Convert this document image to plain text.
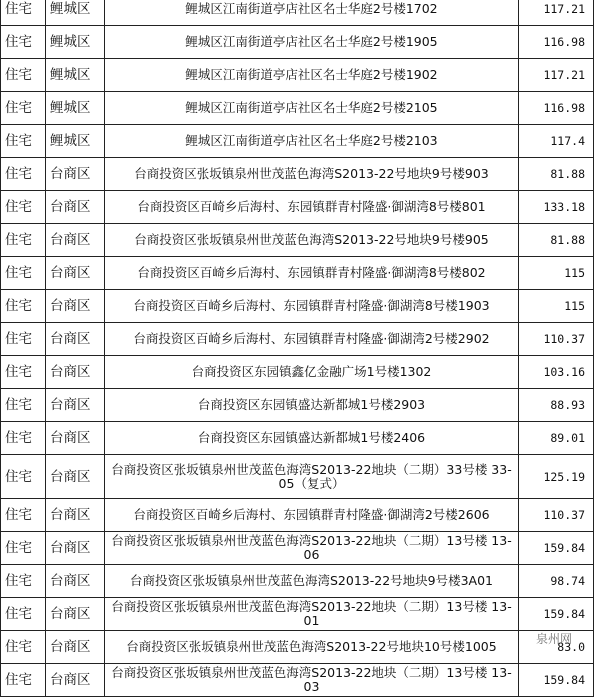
住宅	鲤城区	鲤城区江南街道亭店社区名士华庭2号楼1702	117.21
住宅	鲤城区	鲤城区江南街道亭店社区名士华庭2号楼1905	116.98
住宅	鲤城区	鲤城区江南街道亭店社区名士华庭2号楼1902	117.21
住宅	鲤城区	鲤城区江南街道亭店社区名士华庭2号楼2105	116.98
住宅	鲤城区	鲤城区江南街道亭店社区名士华庭2号楼2103	117.4
住宅	台商区	台商投资区张坂镇泉州世茂蓝色海湾S2013-22号地块9号楼903	81.88
住宅	台商区	台商投资区百崎乡后海村、东园镇群青村隆盛·御湖湾8号楼801	133.18
住宅	台商区	台商投资区张坂镇泉州世茂蓝色海湾S2013-22号地块9号楼905	81.88
住宅	台商区	台商投资区百崎乡后海村、东园镇群青村隆盛·御湖湾8号楼802	115
住宅	台商区	台商投资区百崎乡后海村、东园镇群青村隆盛·御湖湾8号楼1903	115
住宅	台商区	台商投资区百崎乡后海村、东园镇群青村隆盛·御湖湾2号楼2902	110.37
住宅	台商区	台商投资区东园镇鑫亿金融广场1号楼1302	103.16
住宅	台商区	台商投资区东园镇盛达新都城1号楼2903	88.93
住宅	台商区	台商投资区东园镇盛达新都城1号楼2406	89.01
住宅	台商区	台商投资区张坂镇泉州世茂蓝色海湾S2013-22地块（二期）33号楼 33-05（复式）	125.19
住宅	台商区	台商投资区百崎乡后海村、东园镇群青村隆盛·御湖湾2号楼2606	110.37
住宅	台商区	台商投资区张坂镇泉州世茂蓝色海湾S2013-22地块（二期）13号楼 13-06	159.84
住宅	台商区	台商投资区张坂镇泉州世茂蓝色海湾S2013-22号地块9号楼3A01	98.74
住宅	台商区	台商投资区张坂镇泉州世茂蓝色海湾S2013-22地块（二期）13号楼 13-01	159.84
住宅	台商区	台商投资区张坂镇泉州世茂蓝色海湾S2013-22号地块10号楼1005	83.0
住宅	台商区	台商投资区张坂镇泉州世茂蓝色海湾S2013-22地块（二期）13号楼 13-03	159.84
泉州网
